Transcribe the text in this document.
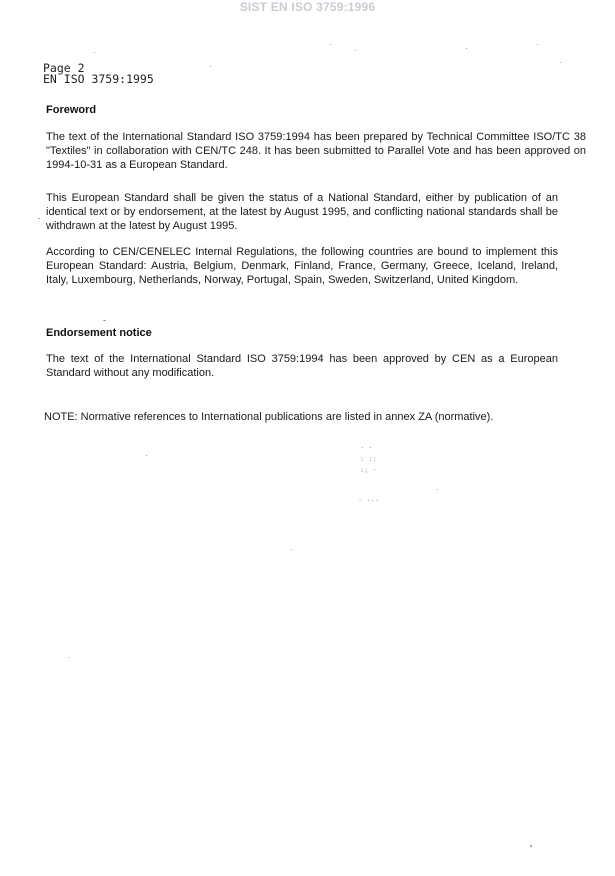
SIST EN ISO 3759:1996
Page 2
EN ISO 3759:1995
Foreword

The text of the International Standard ISO 3759:1994 has been prepared by Technical Committee ISO/TC 38 "Textiles" in collaboration with CEN/TC 248. It has been submitted to Parallel Vote and has been approved on 1994-10-31 as a European Standard.

This European Standard shall be given the status of a National Standard, either by publication of an identical text or by endorsement, at the latest by August 1995, and conflicting national standards shall be withdrawn at the latest by August 1995.

According to CEN/CENELEC Internal Regulations, the following countries are bound to implement this European Standard: Austria, Belgium, Denmark, Finland, France, Germany, Greece, Iceland, Ireland, Italy, Luxembourg, Netherlands, Norway, Portugal, Spain, Sweden, Switzerland, United Kingdom.

Endorsement notice

The text of the International Standard ISO 3759:1994 has been approved by CEN as a European Standard without any modification.

NOTE: Normative references to International publications are listed in annex ZA (normative).
· ·
: ::
:; ·
· ···
